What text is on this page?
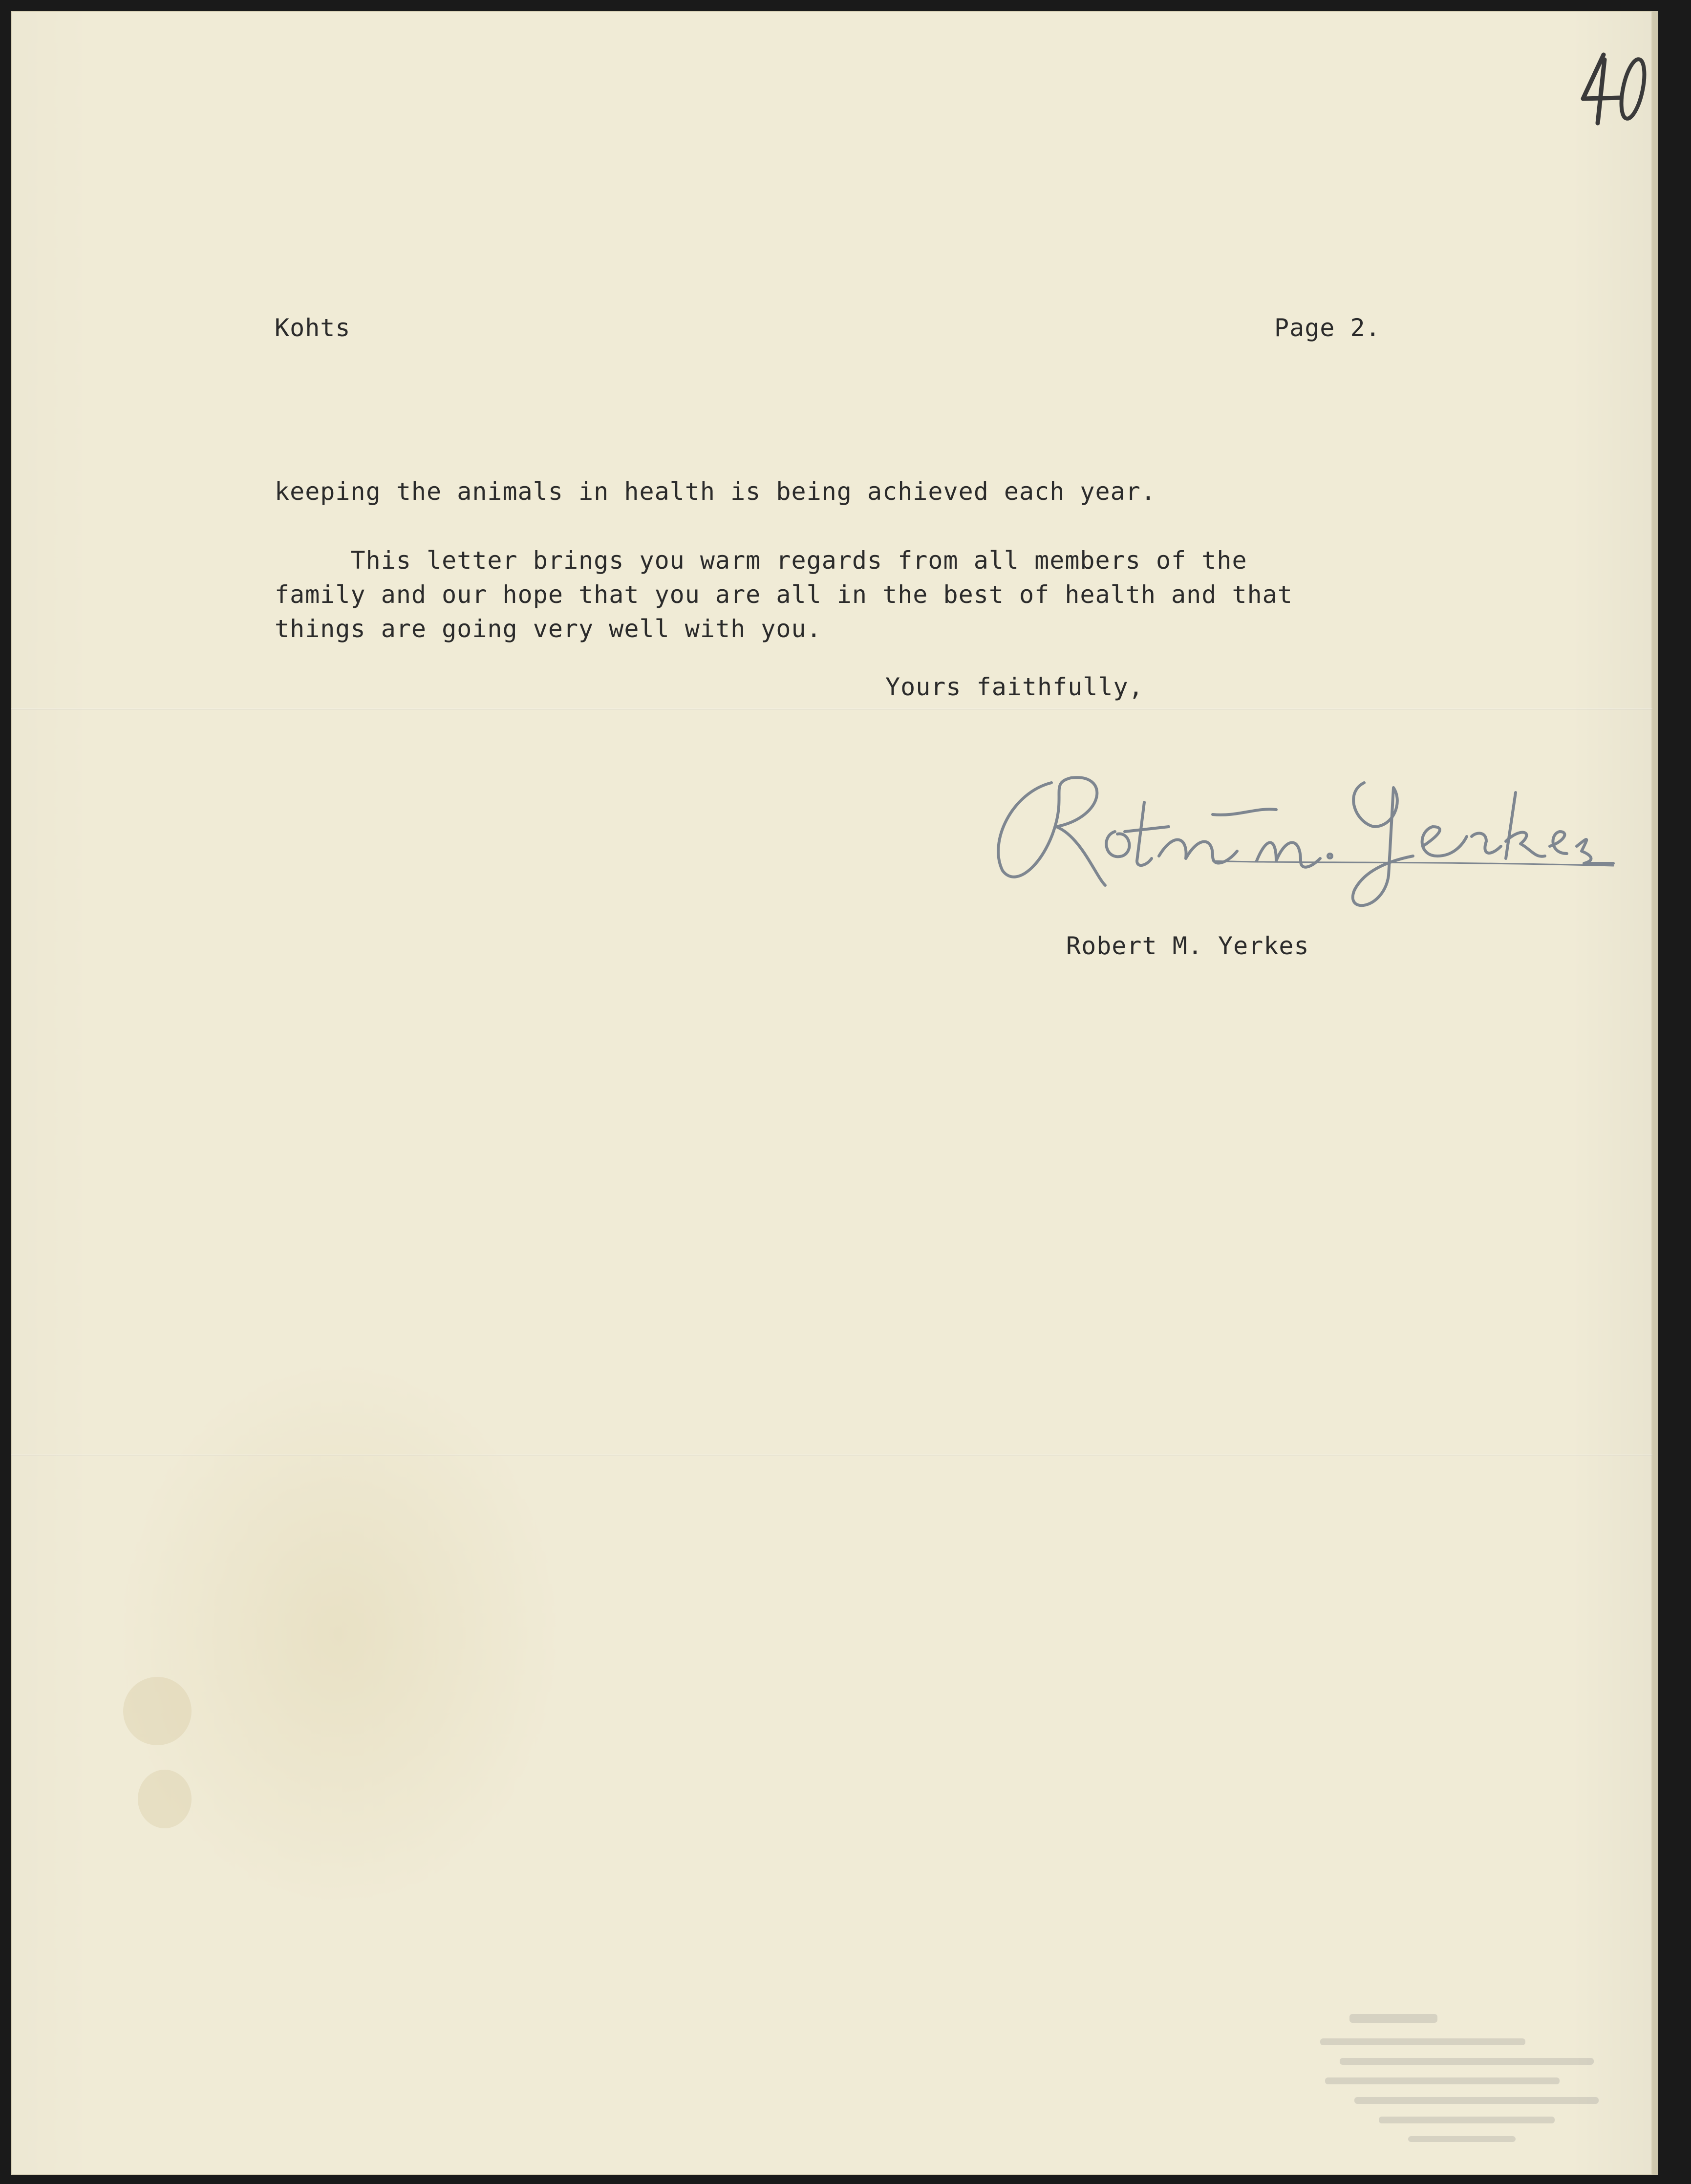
Kohts	Page 2.

keeping the animals in health is being achieved each year.

This letter brings you warm regards from all members of the
family and our hope that you are all in the best of health and that
things are going very well with you.

Yours faithfully,

Robert M. Yerkes
